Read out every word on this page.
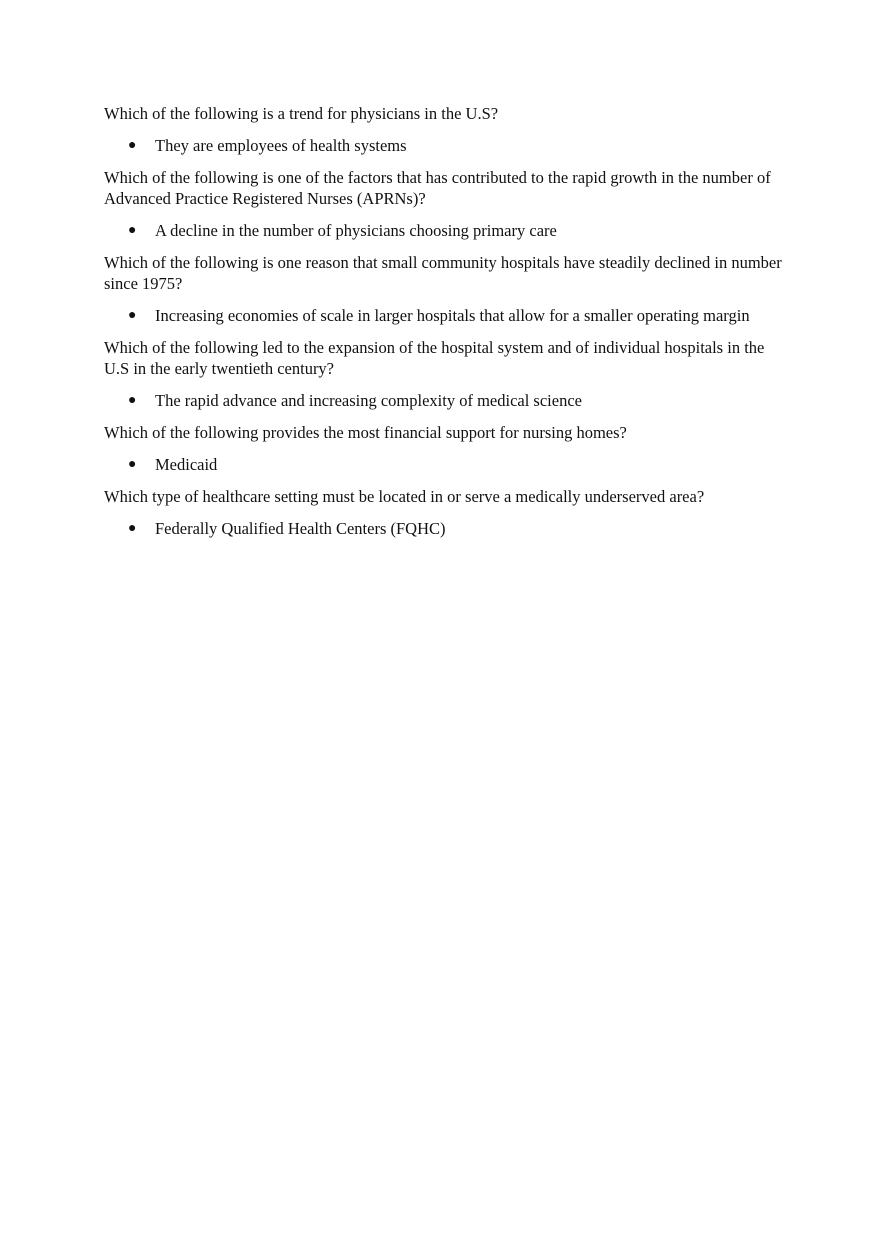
Which of the following is a trend for physicians in the U.S?

● They are employees of health systems

Which of the following is one of the factors that has contributed to the rapid growth in the number of Advanced Practice Registered Nurses (APRNs)?

● A decline in the number of physicians choosing primary care

Which of the following is one reason that small community hospitals have steadily declined in number since 1975?

● Increasing economies of scale in larger hospitals that allow for a smaller operating margin

Which of the following led to the expansion of the hospital system and of individual hospitals in the U.S in the early twentieth century?

● The rapid advance and increasing complexity of medical science

Which of the following provides the most financial support for nursing homes?

● Medicaid

Which type of healthcare setting must be located in or serve a medically underserved area?

● Federally Qualified Health Centers (FQHC)
